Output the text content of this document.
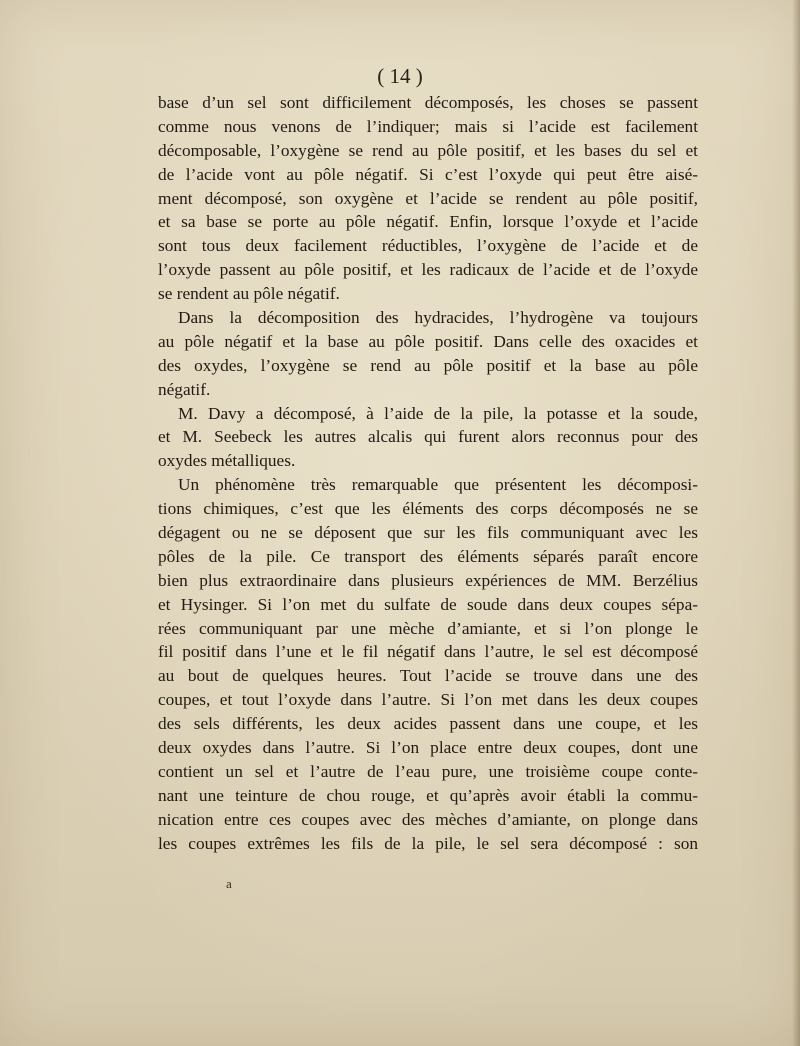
( 14 )
base d’un sel sont difficilement décomposés, les choses se passent
comme nous venons de l’indiquer; mais si l’acide est facilement
décomposable, l’oxygène se rend au pôle positif, et les bases du sel et
de l’acide vont au pôle négatif. Si c’est l’oxyde qui peut être aisé-
ment décomposé, son oxygène et l’acide se rendent au pôle positif,
et sa base se porte au pôle négatif. Enfin, lorsque l’oxyde et l’acide
sont tous deux facilement réductibles, l’oxygène de l’acide et de
l’oxyde passent au pôle positif, et les radicaux de l’acide et de l’oxyde
se rendent au pôle négatif.
Dans la décomposition des hydracides, l’hydrogène va toujours
au pôle négatif et la base au pôle positif. Dans celle des oxacides et
des oxydes, l’oxygène se rend au pôle positif et la base au pôle
négatif.
M. Davy a décomposé, à l’aide de la pile, la potasse et la soude,
et M. Seebeck les autres alcalis qui furent alors reconnus pour des
oxydes métalliques.
Un phénomène très remarquable que présentent les décomposi-
tions chimiques, c’est que les éléments des corps décomposés ne se
dégagent ou ne se déposent que sur les fils communiquant avec les
pôles de la pile. Ce transport des éléments séparés paraît encore
bien plus extraordinaire dans plusieurs expériences de MM. Berzélius
et Hysinger. Si l’on met du sulfate de soude dans deux coupes sépa-
rées communiquant par une mèche d’amiante, et si l’on plonge le
fil positif dans l’une et le fil négatif dans l’autre, le sel est décomposé
au bout de quelques heures. Tout l’acide se trouve dans une des
coupes, et tout l’oxyde dans l’autre. Si l’on met dans les deux coupes
des sels différents, les deux acides passent dans une coupe, et les
deux oxydes dans l’autre. Si l’on place entre deux coupes, dont une
contient un sel et l’autre de l’eau pure, une troisième coupe conte-
nant une teinture de chou rouge, et qu’après avoir établi la commu-
nication entre ces coupes avec des mèches d’amiante, on plonge dans
les coupes extrêmes les fils de la pile, le sel sera décomposé : son
a
